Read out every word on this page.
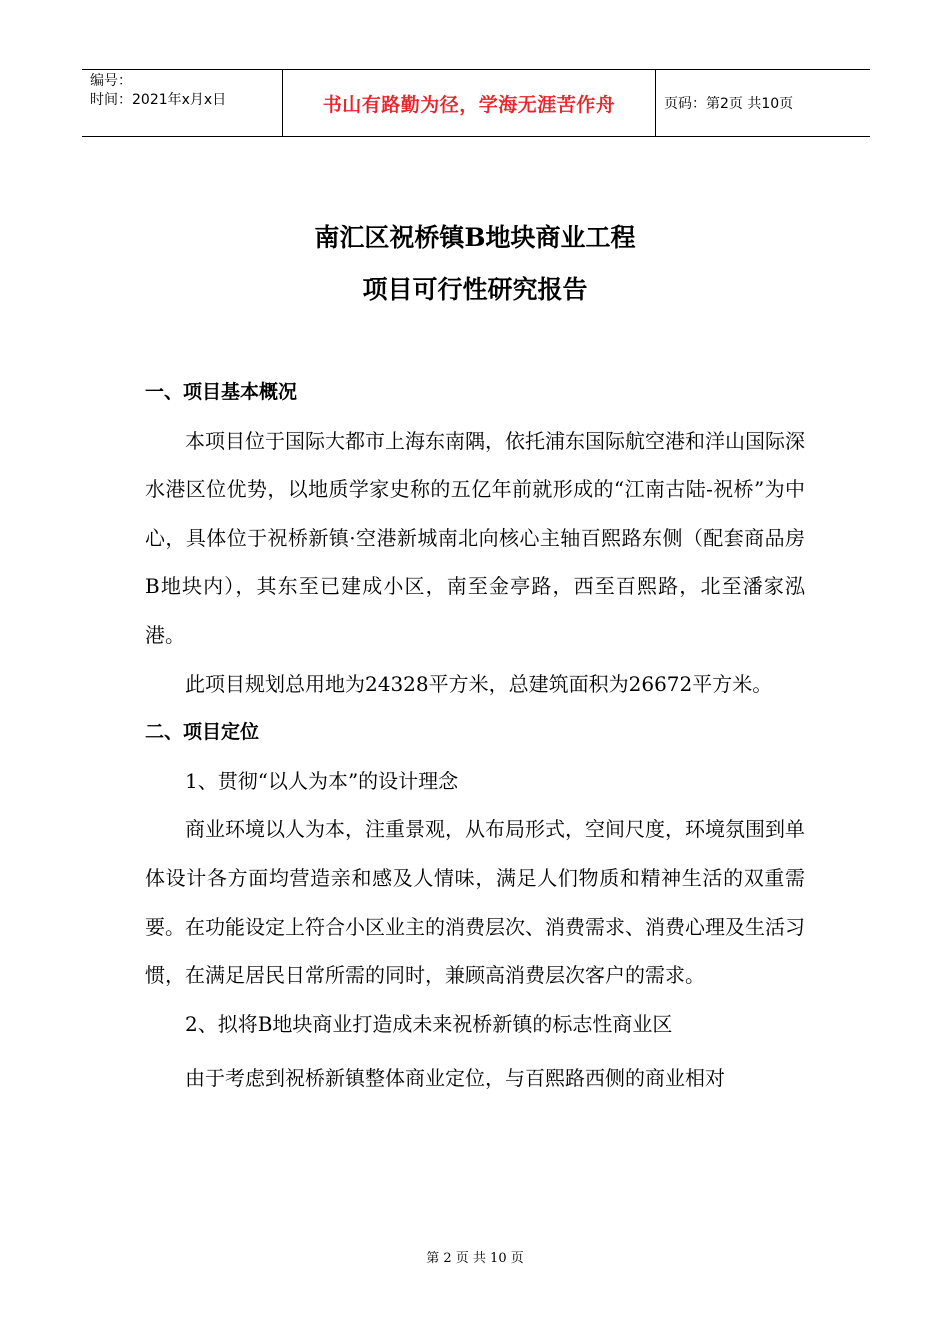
编号：
时间：2021年x月x日	书山有路勤为径，学海无涯苦作舟	页码：第2页 共10页
南汇区祝桥镇B地块商业工程
项目可行性研究报告

一、项目基本概况

本项目位于国际大都市上海东南隅，依托浦东国际航空港和洋山国际深水港区位优势，以地质学家史称的五亿年前就形成的“江南古陆-祝桥”为中心，具体位于祝桥新镇·空港新城南北向核心主轴百熙路东侧（配套商品房B地块内），其东至已建成小区，南至金亭路，西至百熙路，北至潘家泓港。

此项目规划总用地为24328平方米，总建筑面积为26672平方米。

二、项目定位

1、贯彻“以人为本”的设计理念

商业环境以人为本，注重景观，从布局形式，空间尺度，环境氛围到单体设计各方面均营造亲和感及人情味，满足人们物质和精神生活的双重需要。在功能设定上符合小区业主的消费层次、消费需求、消费心理及生活习惯，在满足居民日常所需的同时，兼顾高消费层次客户的需求。

2、拟将B地块商业打造成未来祝桥新镇的标志性商业区

由于考虑到祝桥新镇整体商业定位，与百熙路西侧的商业相对

第 2 页 共 10 页
